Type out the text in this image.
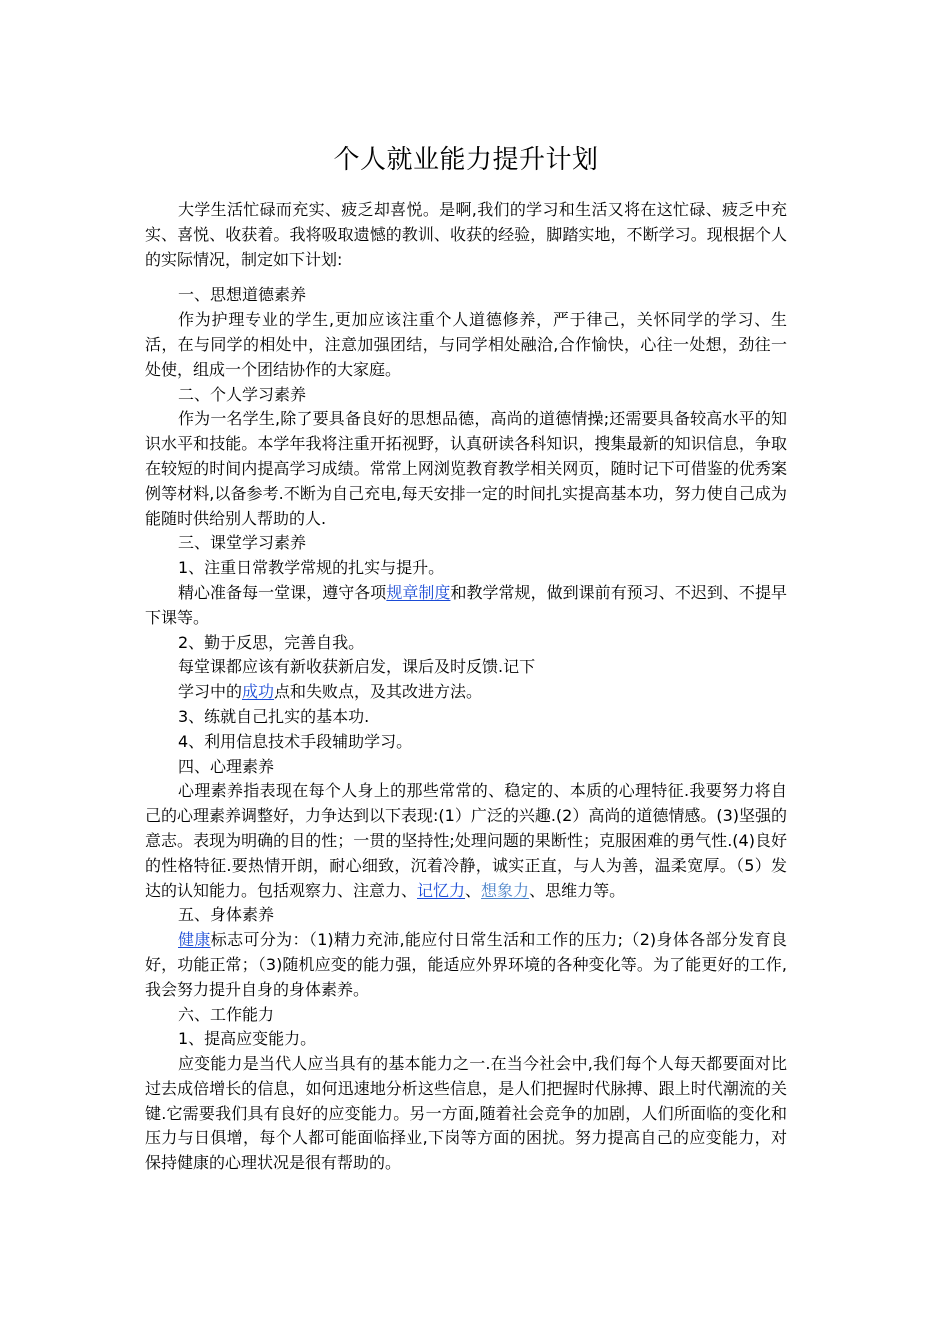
个人就业能力提升计划

大学生活忙碌而充实、疲乏却喜悦。是啊,我们的学习和生活又将在这忙碌、疲乏中充实、喜悦、收获着。我将吸取遗憾的教训、收获的经验，脚踏实地，不断学习。现根据个人的实际情况，制定如下计划:

一、思想道德素养

作为护理专业的学生,更加应该注重个人道德修养，严于律己，关怀同学的学习、生活，在与同学的相处中，注意加强团结，与同学相处融洽,合作愉快，心往一处想，劲往一处使，组成一个团结协作的大家庭。

二、个人学习素养

作为一名学生,除了要具备良好的思想品德，高尚的道德情操;还需要具备较高水平的知识水平和技能。本学年我将注重开拓视野，认真研读各科知识，搜集最新的知识信息，争取在较短的时间内提高学习成绩。常常上网浏览教育教学相关网页，随时记下可借鉴的优秀案例等材料,以备参考.不断为自己充电,每天安排一定的时间扎实提高基本功，努力使自己成为能随时供给别人帮助的人.

三、课堂学习素养

1、注重日常教学常规的扎实与提升。

精心准备每一堂课，遵守各项规章制度和教学常规，做到课前有预习、不迟到、不提早下课等。

2、勤于反思，完善自我。

每堂课都应该有新收获新启发，课后及时反馈.记下

学习中的成功点和失败点，及其改进方法。

3、练就自己扎实的基本功.

4、利用信息技术手段辅助学习。

四、心理素养

心理素养指表现在每个人身上的那些常常的、稳定的、本质的心理特征.我要努力将自己的心理素养调整好，力争达到以下表现:(1）广泛的兴趣.(2）高尚的道德情感。(3)坚强的意志。表现为明确的目的性；一贯的坚持性;处理问题的果断性；克服困难的勇气性.(4)良好的性格特征.要热情开朗，耐心细致，沉着冷静，诚实正直，与人为善，温柔宽厚。（5）发达的认知能力。包括观察力、注意力、记忆力、想象力、思维力等。

五、身体素养

健康标志可分为：（1)精力充沛,能应付日常生活和工作的压力;（2)身体各部分发育良好，功能正常；（3)随机应变的能力强，能适应外界环境的各种变化等。为了能更好的工作,我会努力提升自身的身体素养。

六、工作能力

1、提高应变能力。

应变能力是当代人应当具有的基本能力之一.在当今社会中,我们每个人每天都要面对比过去成倍增长的信息，如何迅速地分析这些信息，是人们把握时代脉搏、跟上时代潮流的关键.它需要我们具有良好的应变能力。另一方面,随着社会竞争的加剧，人们所面临的变化和压力与日俱增，每个人都可能面临择业,下岗等方面的困扰。努力提高自己的应变能力，对保持健康的心理状况是很有帮助的。
